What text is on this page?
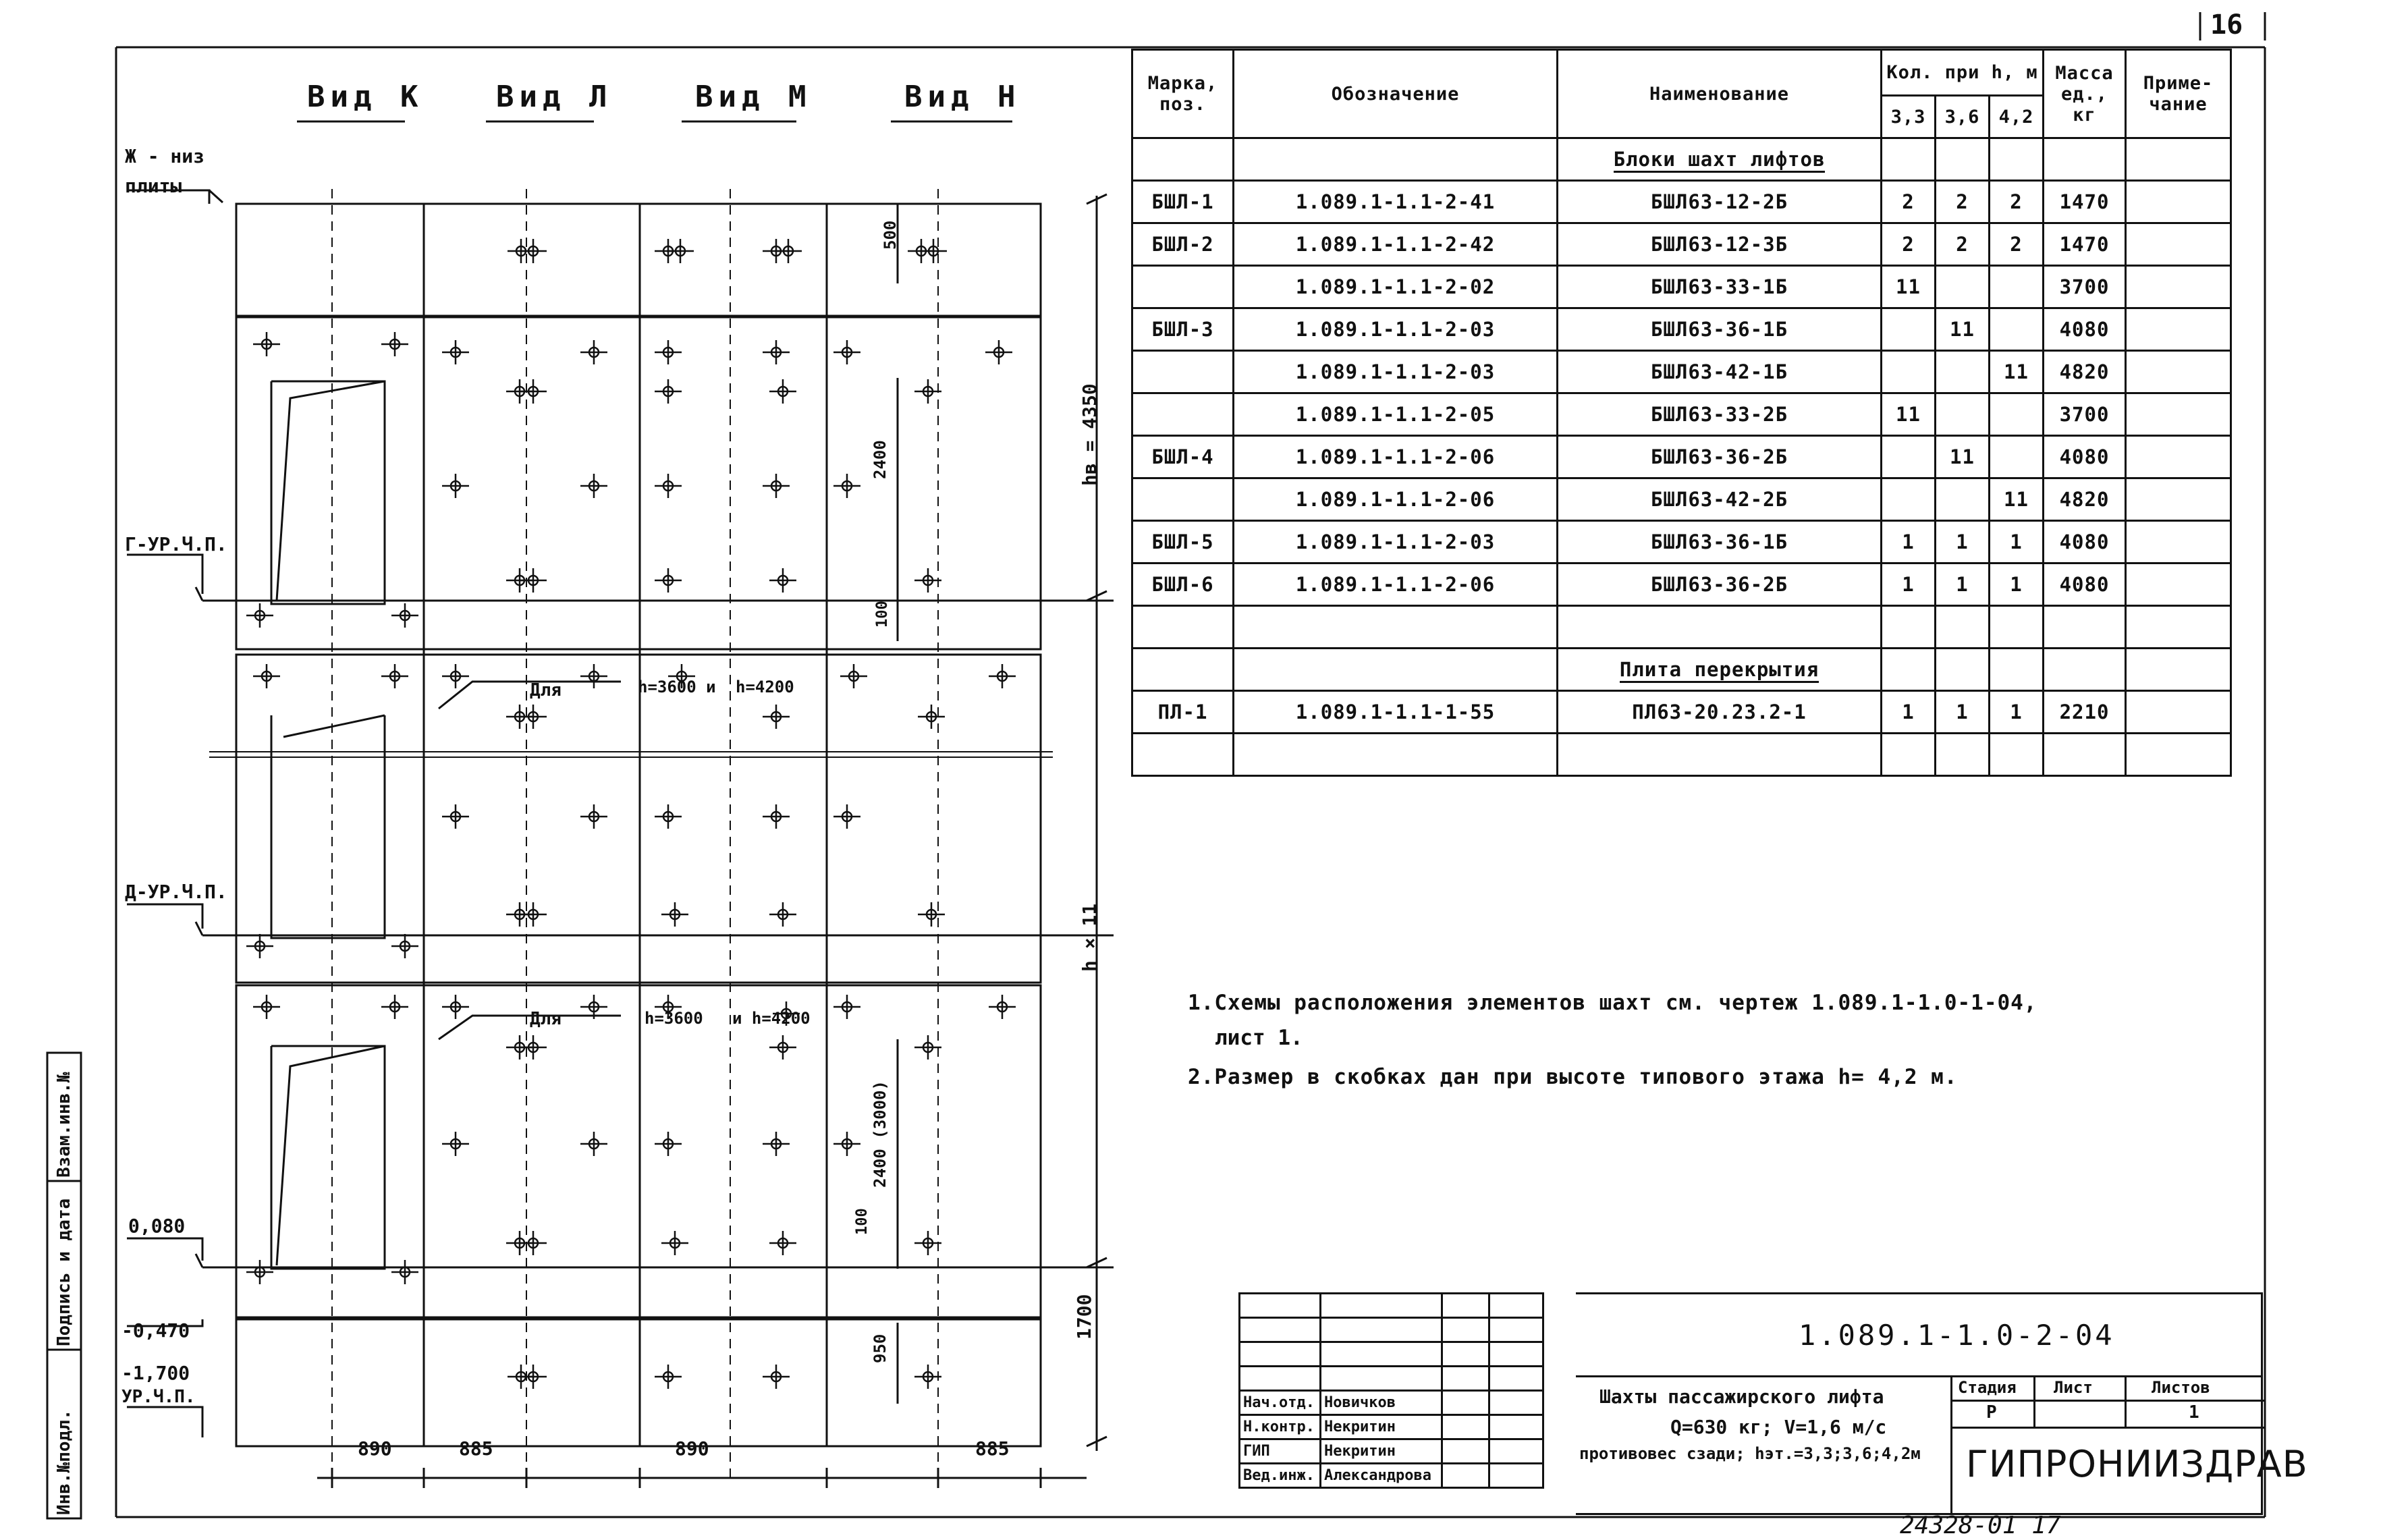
16
Вид К Вид Л	Вид М	Вид Н
Ж - низ плиты
Г-УР.Ч.П.
Д-УР.Ч.П.
0,080
-0,470
-1,700
УР.Ч.П.
500
2400
100
hв = 4350
h × 11
2400 (3000)
100
950
1700
890	885	890	885
Для	h=3600 и h=4200
Для	h=3600 и h=4200
Взам.инв.№
Подпись и дата
Инв.№подл.
Марка, поз.	Обозначение	Наименование	Кол. при h, м			Масса ед., кг	Приме-чание
			3,3	3,6	4,2		
		Блоки шахт лифтов					
БШЛ-1	1.089.1-1.1-2-41	БШЛ63-12-2Б	2	2	2	1470	
БШЛ-2	1.089.1-1.1-2-42	БШЛ63-12-3Б	2	2	2	1470	
	1.089.1-1.1-2-02	БШЛ63-33-1Б	11			3700	
БШЛ-3	1.089.1-1.1-2-03	БШЛ63-36-1Б		11		4080	
	1.089.1-1.1-2-03	БШЛ63-42-1Б			11	4820	
	1.089.1-1.1-2-05	БШЛ63-33-2Б	11			3700	
БШЛ-4	1.089.1-1.1-2-06	БШЛ63-36-2Б		11		4080	
	1.089.1-1.1-2-06	БШЛ63-42-2Б			11	4820	
БШЛ-5	1.089.1-1.1-2-03	БШЛ63-36-1Б	1	1	1	4080	
БШЛ-6	1.089.1-1.1-2-06	БШЛ63-36-2Б	1	1	1	4080	

		Плита перекрытия					
ПЛ-1	1.089.1-1.1-1-55	ПЛ63-20.23.2-1	1	1	1	2210	

1.Схемы расположения элементов шахт см. чертеж 1.089.1-1.0-1-04,
лист 1.
2.Размер в скобках дан при высоте типового этажа h= 4,2 м.

Нач.отд.	Новичков		
Н.контр.	Некритин		
ГИП	Некритин		
Вед.инж.	Александрова		
1.089.1-1.0-2-04
Шахты пассажирского лифта
Q=630 кг; V=1,6 м/с
противовес сзади; hэт.=3,3;3,6;4,2м
Стадия Лист	Листов
Р	1
ГИПРОНИИЗДРАВ
24328-01 17
